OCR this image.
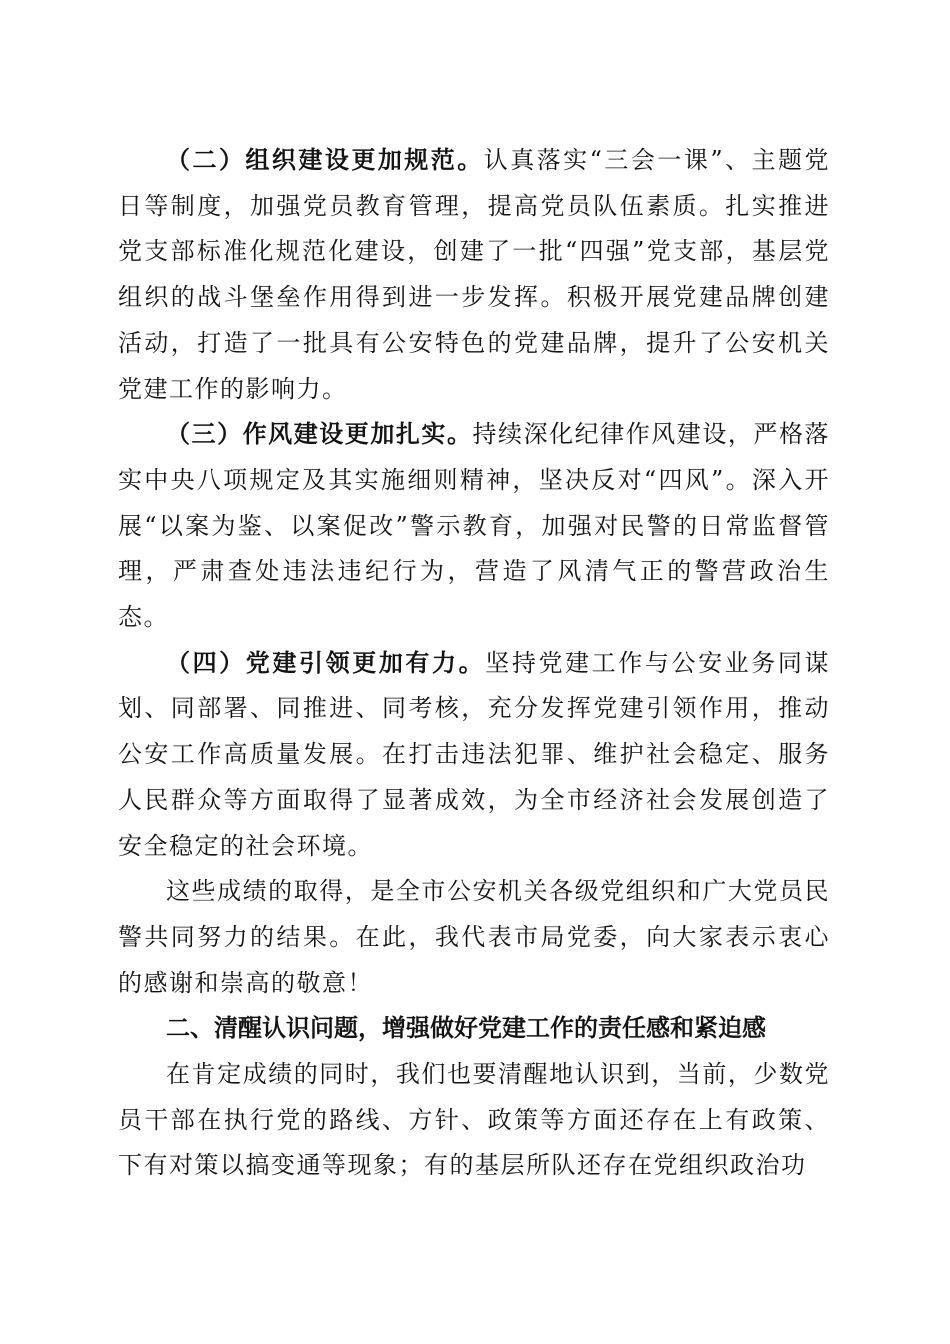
（二）组织建设更加规范。认真落实“三会一课”、主题党日等制度，加强党员教育管理，提高党员队伍素质。扎实推进党支部标准化规范化建设，创建了一批“四强”党支部，基层党组织的战斗堡垒作用得到进一步发挥。积极开展党建品牌创建活动，打造了一批具有公安特色的党建品牌，提升了公安机关党建工作的影响力。

（三）作风建设更加扎实。持续深化纪律作风建设，严格落实中央八项规定及其实施细则精神，坚决反对“四风”。深入开展“以案为鉴、以案促改”警示教育，加强对民警的日常监督管理，严肃查处违法违纪行为，营造了风清气正的警营政治生态。

（四）党建引领更加有力。坚持党建工作与公安业务同谋划、同部署、同推进、同考核，充分发挥党建引领作用，推动公安工作高质量发展。在打击违法犯罪、维护社会稳定、服务人民群众等方面取得了显著成效，为全市经济社会发展创造了安全稳定的社会环境。

这些成绩的取得，是全市公安机关各级党组织和广大党员民警共同努力的结果。在此，我代表市局党委，向大家表示衷心的感谢和崇高的敬意！

二、清醒认识问题，增强做好党建工作的责任感和紧迫感

在肯定成绩的同时，我们也要清醒地认识到，当前，少数党员干部在执行党的路线、方针、政策等方面还存在上有政策、下有对策以搞变通等现象；有的基层所队还存在党组织政治功
